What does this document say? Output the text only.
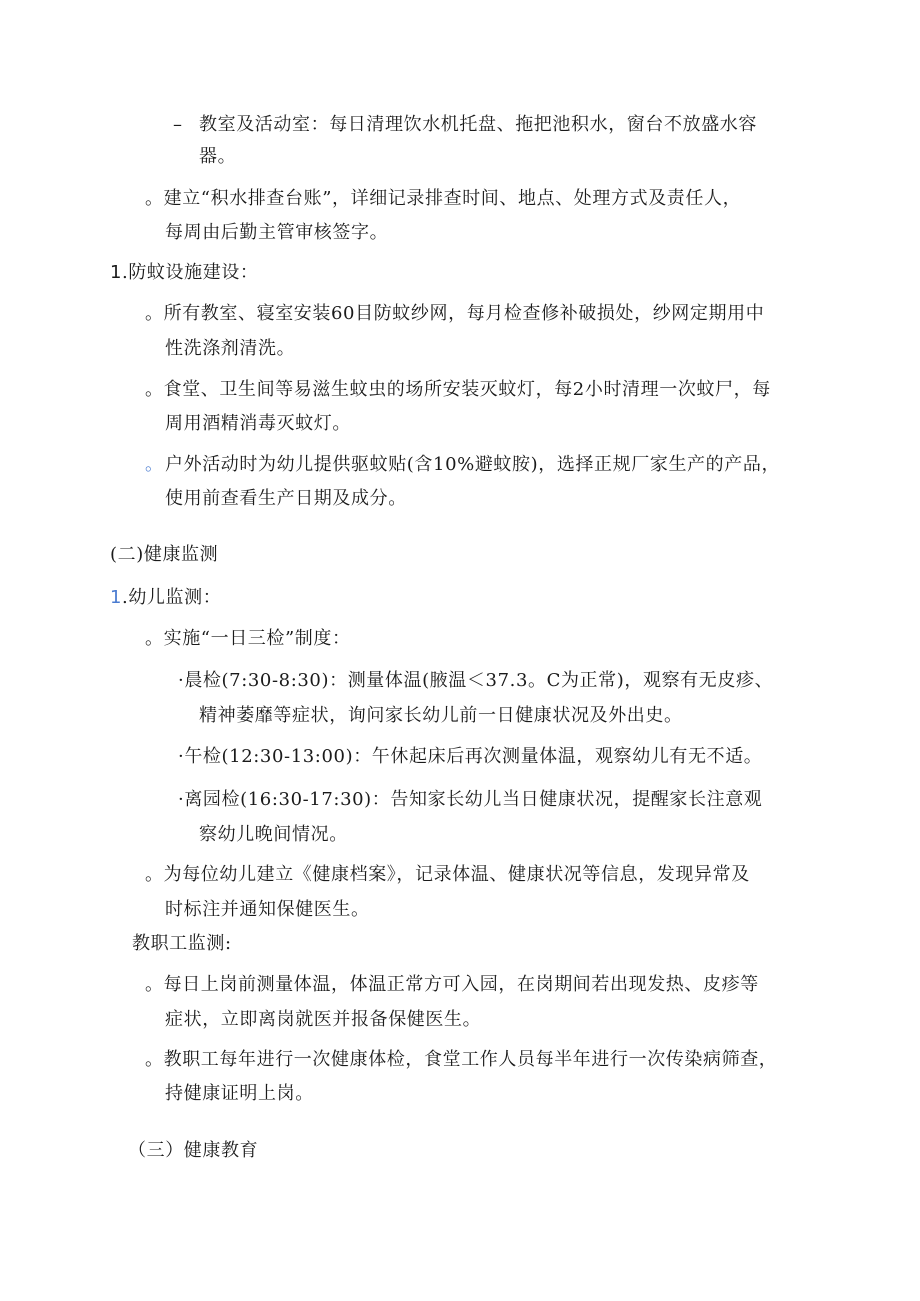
– 教室及活动室：每日清理饮水机托盘、拖把池积水，窗台不放盛水容
器。
。建立“积水排查台账”，详细记录排查时间、地点、处理方式及责任人，
每周由后勤主管审核签字。
1 .防蚊设施建设：
。所有教室、寝室安装60目防蚊纱网，每月检查修补破损处，纱网定期用中
性洗涤剂清洗。
。食堂、卫生间等易滋生蚊虫的场所安装灭蚊灯，每2小时清理一次蚊尸，每
周用酒精消毒灭蚊灯。
。 户外活动时为幼儿提供驱蚊贴(含10%避蚊胺)，选择正规厂家生产的产品，
使用前查看生产日期及成分。
(二)健康监测
1 .幼儿监测：
。实施“一日三检”制度：
·晨检(7:30-8:30)：测量体温(腋温＜37.3。C为正常)，观察有无皮疹、
精神萎靡等症状，询问家长幼儿前一日健康状况及外出史。
·午检(12:30-13:00)：午休起床后再次测量体温，观察幼儿有无不适。
·离园检(16:30-17:30)：告知家长幼儿当日健康状况，提醒家长注意观
察幼儿晚间情况。
。为每位幼儿建立《健康档案》，记录体温、健康状况等信息，发现异常及
时标注并通知保健医生。
教职工监测:
。每日上岗前测量体温，体温正常方可入园，在岗期间若出现发热、皮疹等
症状，立即离岗就医并报备保健医生。
。教职工每年进行一次健康体检，食堂工作人员每半年进行一次传染病筛查，
持健康证明上岗。
（三）健康教育
